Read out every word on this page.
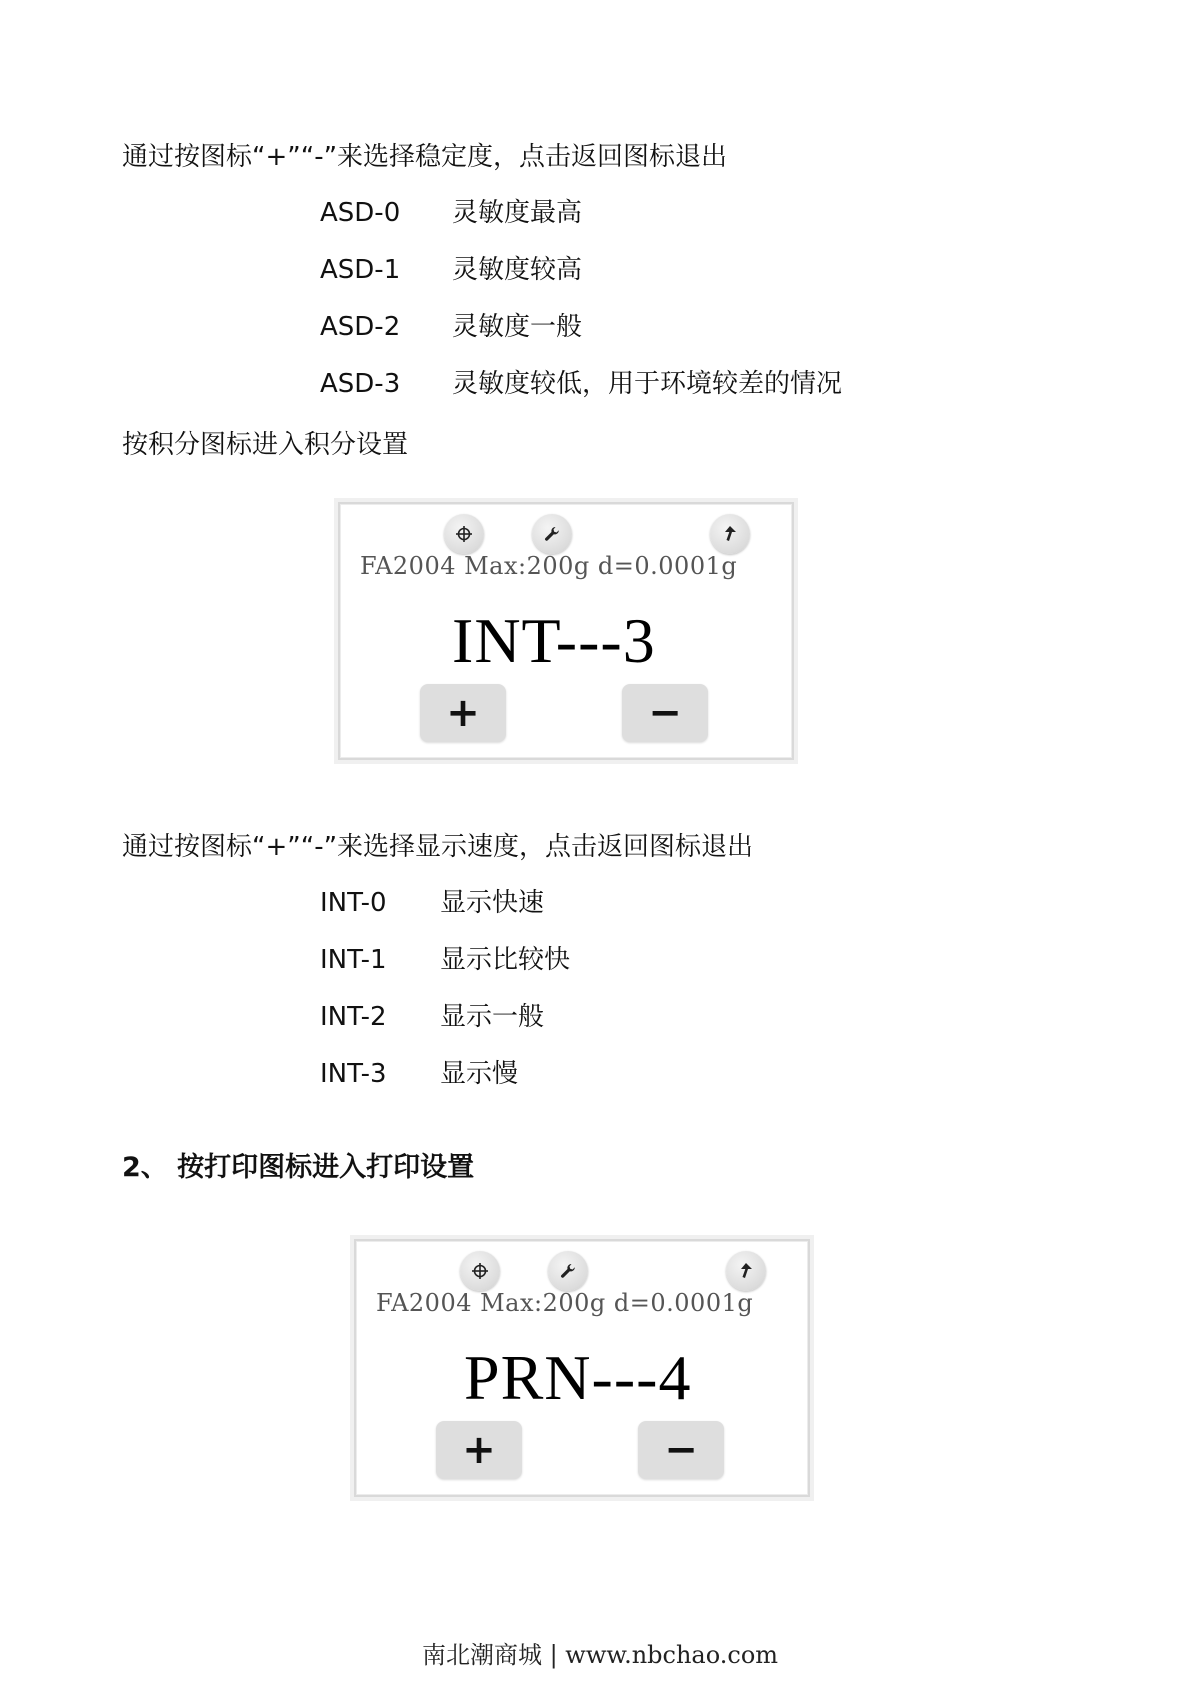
通过按图标“+”“-”来选择稳定度，点击返回图标退出
ASD-0 灵敏度最高
ASD-1 灵敏度较高
ASD-2 灵敏度一般
ASD-3 灵敏度较低，用于环境较差的情况
按积分图标进入积分设置
FA2004 Max:200g d=0.0001g
INT---3
+	−
通过按图标“+”“-”来选择显示速度，点击返回图标退出
INT-0 显示快速
INT-1 显示比较快
INT-2 显示一般
INT-3 显示慢
2、 按打印图标进入打印设置
FA2004 Max:200g d=0.0001g
PRN---4
+	−
南北潮商城 | www.nbchao.com
